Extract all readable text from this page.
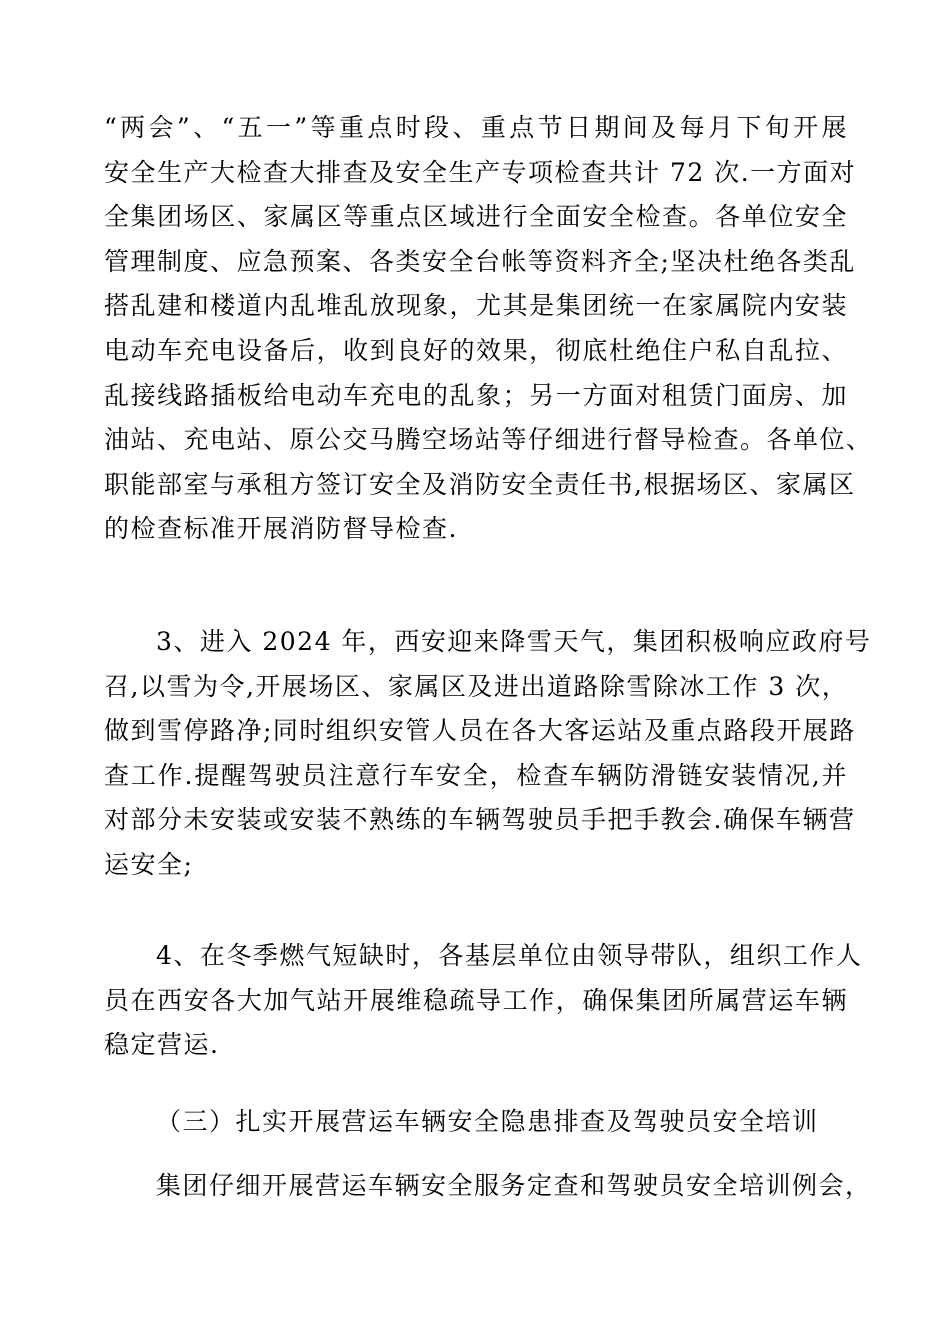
“两会”、“五一”等重点时段、重点节日期间及每月下旬开展
安全生产大检查大排查及安全生产专项检查共计 72 次.一方面对
全集团场区、家属区等重点区域进行全面安全检查。各单位安全
管理制度、应急预案、各类安全台帐等资料齐全;坚决杜绝各类乱
搭乱建和楼道内乱堆乱放现象，尤其是集团统一在家属院内安装
电动车充电设备后，收到良好的效果，彻底杜绝住户私自乱拉、
乱接线路插板给电动车充电的乱象；另一方面对租赁门面房、加
油站、充电站、原公交马腾空场站等仔细进行督导检查。各单位、
职能部室与承租方签订安全及消防安全责任书,根据场区、家属区
的检查标准开展消防督导检查.
3、进入 2024 年，西安迎来降雪天气，集团积极响应政府号
召,以雪为令,开展场区、家属区及进出道路除雪除冰工作 3 次，
做到雪停路净;同时组织安管人员在各大客运站及重点路段开展路
查工作.提醒驾驶员注意行车安全，检查车辆防滑链安装情况,并
对部分未安装或安装不熟练的车辆驾驶员手把手教会.确保车辆营
运安全;
4、在冬季燃气短缺时，各基层单位由领导带队，组织工作人
员在西安各大加气站开展维稳疏导工作，确保集团所属营运车辆
稳定营运.
（三）扎实开展营运车辆安全隐患排查及驾驶员安全培训
集团仔细开展营运车辆安全服务定查和驾驶员安全培训例会，
